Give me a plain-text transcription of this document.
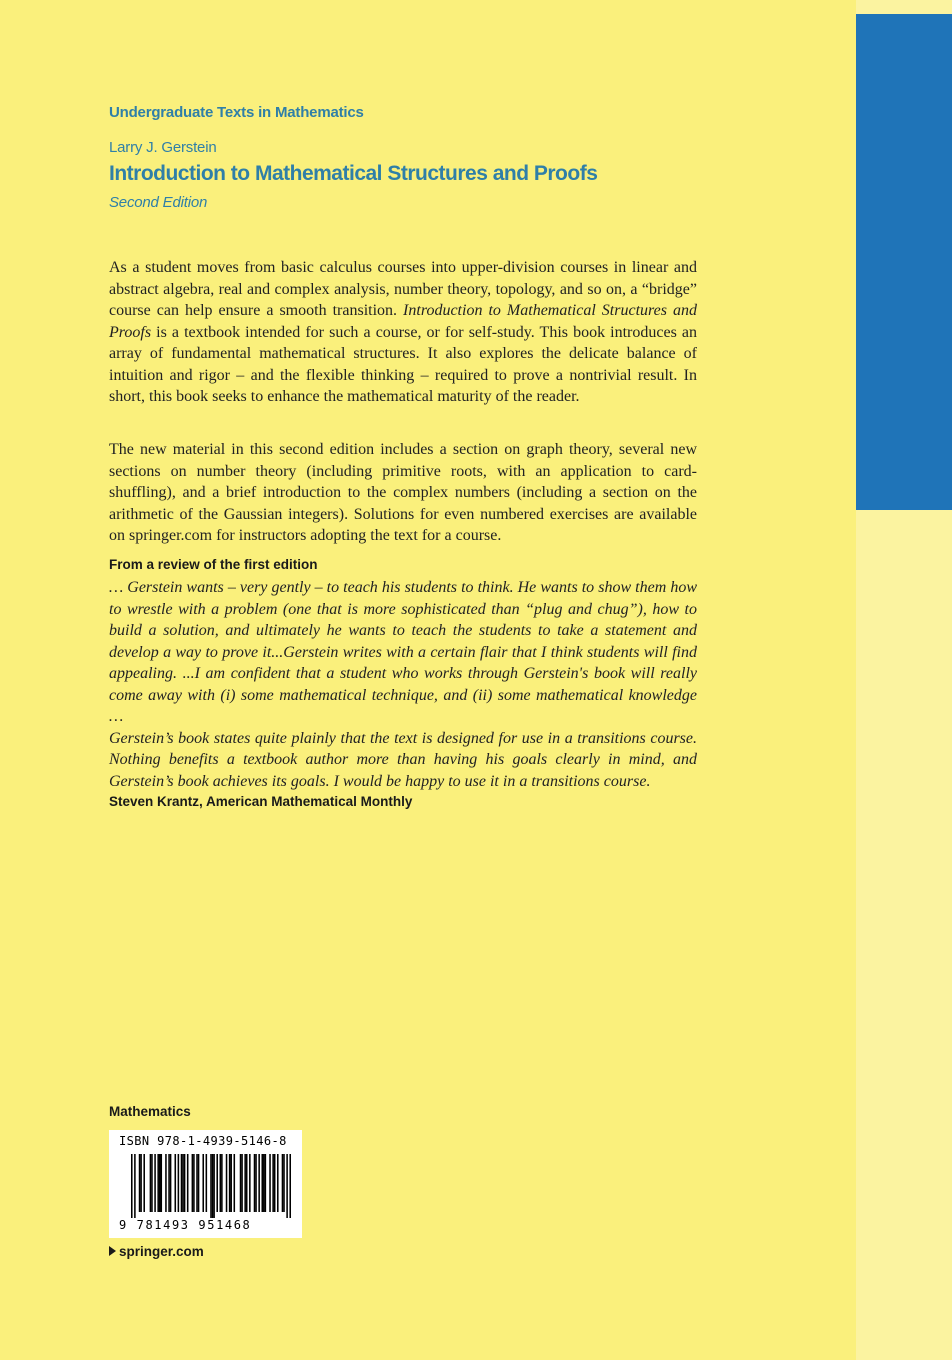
Undergraduate Texts in Mathematics
Larry J. Gerstein
Introduction to Mathematical Structures and Proofs
Second Edition
As a student moves from basic calculus courses into upper-division courses in linear and abstract algebra, real and complex analysis, number theory, topology, and so on, a “bridge” course can help ensure a smooth transition. Introduction to Mathematical Structures and Proofs is a textbook intended for such a course, or for self-study. This book introduces an array of fundamental mathematical structures. It also explores the delicate balance of intuition and rigor – and the flexible thinking – required to prove a nontrivial result. In short, this book seeks to enhance the mathematical maturity of the reader.
The new material in this second edition includes a section on graph theory, several new sections on number theory (including primitive roots, with an application to card-shuffling), and a brief introduction to the complex numbers (including a section on the arithmetic of the Gaussian integers). Solutions for even numbered exercises are available on springer.com for instructors adopting the text for a course.
From a review of the first edition

… Gerstein wants – very gently – to teach his students to think. He wants to show them how to wrestle with a problem (one that is more sophisticated than “plug and chug”), how to build a solution, and ultimately he wants to teach the students to take a statement and develop a way to prove it...Gerstein writes with a certain flair that I think students will find appealing. ...I am confident that a student who works through Gerstein's book will really come away with (i) some mathematical technique, and (ii) some mathematical knowledge …

Gerstein’s book states quite plainly that the text is designed for use in a transitions course. Nothing benefits a textbook author more than having his goals clearly in mind, and Gerstein’s book achieves its goals. I would be happy to use it in a transitions course.

Steven Krantz, American Mathematical Monthly
Mathematics
ISBN 978-1-4939-5146-8
9 781493 951468
springer.com
